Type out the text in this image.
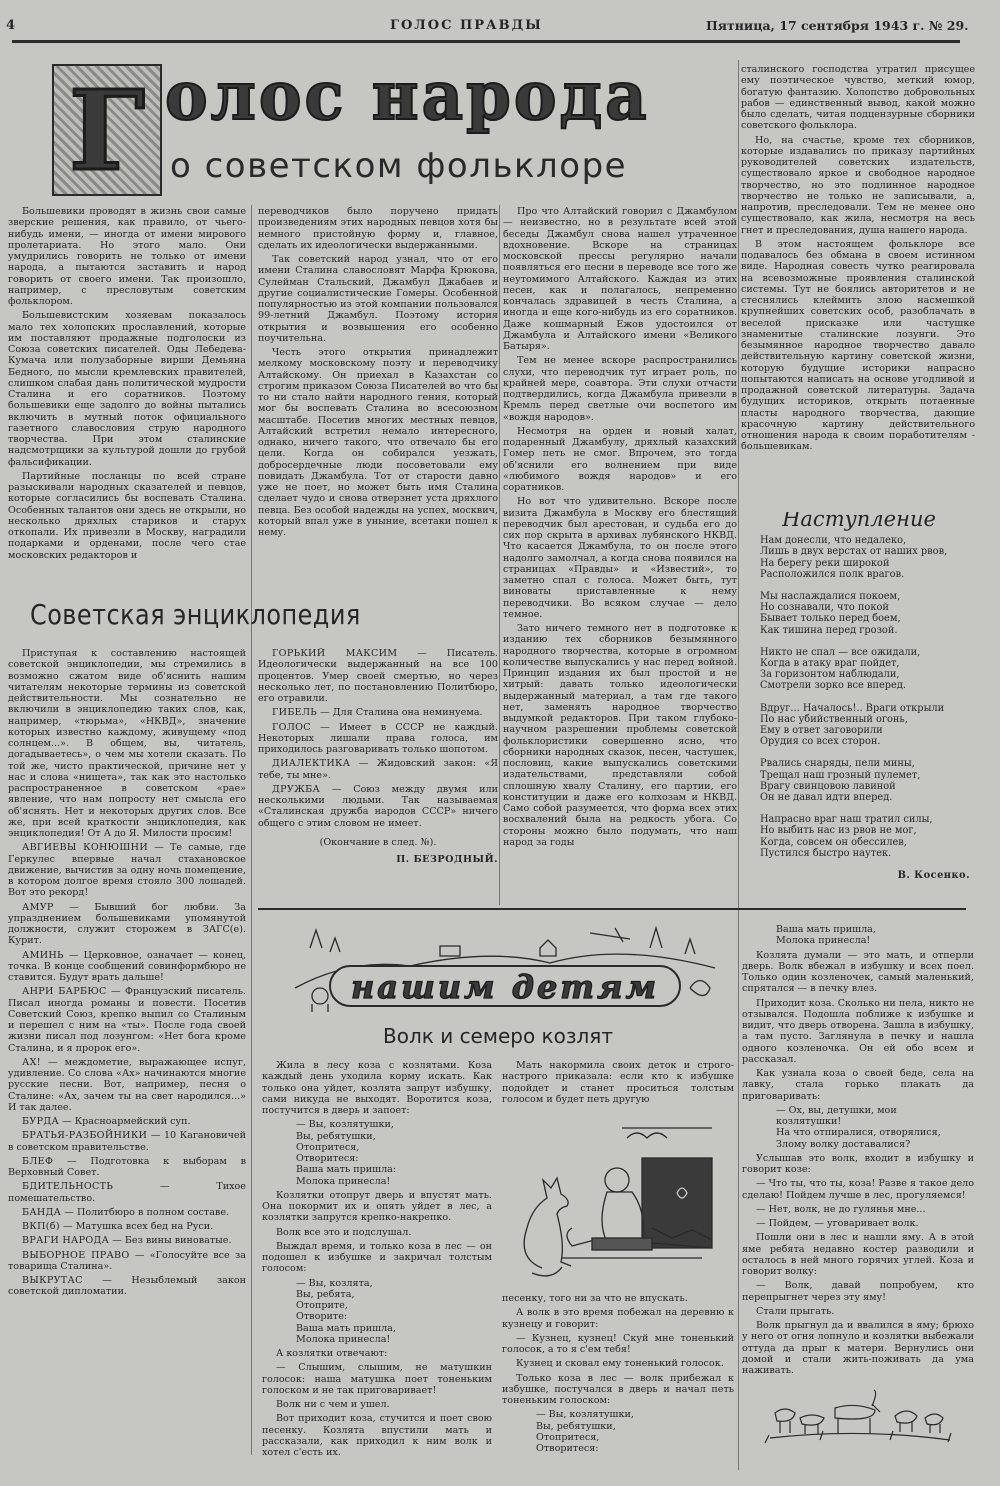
4	ГОЛОС ПРАВДЫ	Пятница, 17 сентября 1943 г. № 29.
Г олос народа
о советском фольклоре

Большевики проводят в жизнь свои самые зверские решения, как правило, от чьего-нибудь имени, — иногда от имени мирового пролетариата. Но этого мало. Они умудрились говорить не только от имени народа, а пытаются заставить и народ говорить от своего имени. Так произошло, например, с пресловутым советским фольклором.

Большевистским хозяевам показалось мало тех холопских прославлений, которые им поставляют продажные подголоски из Союза советских писателей. Оды Лебедева-Кумача или полузаборные вирши Демьяна Бедного, по мысли кремлевских правителей, слишком слабая дань политической мудрости Сталина и его соратников. Поэтому большевики еще задолго до войны пытались включить в мутный поток официального газетного славословия струю народного творчества. При этом сталинские надсмотрщики за культурой дошли до грубой фальсификации.

Партийные посланцы по всей стране разыскивали народных сказателей и певцов, которые согласились бы воспевать Сталина. Особенных талантов они здесь не открыли, но несколько дряхлых стариков и старух откопали. Их привезли в Москву, наградили подарками и орденами, после чего стае московских редакторов и

переводчиков было поручено придать произведениям этих народных певцов хотя бы немного пристойную форму и, главное, сделать их идеологически выдержанными.

Так советский народ узнал, что от его имени Сталина славословят Марфа Крюкова, Сулейман Стальский, Джамбул Джабаев и другие социалистические Гомеры. Особенной популярностью из этой компании пользовался 99-летний Джамбул. Поэтому история открытия и возвышения его особенно поучительна.

Честь этого открытия принадлежит мелкому московскому поэту и переводчику Алтайскому. Он приехал в Казахстан со строгим приказом Союза Писателей во что бы то ни стало найти народного гения, который мог бы воспевать Сталина во всесоюзном масштабе. Посетив многих местных певцов, Алтайский встретил немало интересного, однако, ничего такого, что отвечало бы его цели. Когда он собирался уезжать, добросердечные люди посоветовали ему повидать Джамбула. Тот от старости давно уже не поет, но может быть имя Сталина сделает чудо и снова отверзнет уста дряхлого певца. Без особой надежды на успех, москвич, который впал уже в уныние, всетаки пошел к нему.

Про что Алтайский говорил с Джамбулом — неизвестно, но в результате всей этой беседы Джамбул снова нашел утраченное вдохновение. Вскоре на страницах московской прессы регулярно начали появляться его песни в переводе все того же неутомимого Алтайского. Каждая из этих песен, как и полагалось, непременно кончалась здравицей в честь Сталина, а иногда и еще кого-нибудь из его соратников. Даже кошмарный Ежов удостоился от Джамбула и Алтайского имени «Великого Батыря».

Тем не менее вскоре распространились слухи, что переводчик тут играет роль, по крайней мере, соавтора. Эти слухи отчасти подтвердились, когда Джамбула привезли в Кремль перед светлые очи воспетого им «вождя народов».

Несмотря на орден и новый халат, подаренный Джамбулу, дряхлый казахский Гомер петь не смог. Впрочем, это тогда об'яснили его волнением при виде «любимого вождя народов» и его соратников.

Но вот что удивительно. Вскоре после визита Джамбула в Москву его блестящий переводчик был арестован, и судьба его до сих пор скрыта в архивах лубянского НКВД. Что касается Джамбула, то он после этого надолго замолчал, а когда снова появился на страницах «Правды» и «Известий», то заметно спал с голоса. Может быть, тут виноваты приставленные к нему переводчики. Во всяком случае — дело темное.

Зато ничего темного нет в подготовке к изданию тех сборников безымянного народного творчества, которые в огромном количестве выпускались у нас перед войной. Принцип издания их был простой и не хитрый: давать только идеологически выдержанный материал, а там где такого нет, заменять народное творчество выдумкой редакторов. При таком глубоко-научном разрешении проблемы советской фольклористики совершенно ясно, что сборники народных сказок, песен, частушек, пословиц, какие выпускались советскими издательствами, представляли собой сплошную хвалу Сталину, его партии, его конституции и даже его колхозам и НКВД. Само собой разумеется, что форма всех этих восхвалений была на редкость убога. Со стороны можно было подумать, что наш народ за годы

сталинского господства утратил присущее ему поэтическое чувство, меткий юмор, богатую фантазию. Холопство добровольных рабов — единственный вывод, какой можно было сделать, читая подцензурные сборники советского фольклора.

Но, на счастье, кроме тех сборников, которые издавались по приказу партийных руководителей советских издательств, существовало яркое и свободное народное творчество, но это подлинное народное творчество не только не записывали, а, напротив, преследовали. Тем не менее оно существовало, как жила, несмотря на весь гнет и преследования, душа нашего народа.

В этом настоящем фольклоре все подавалось без обмана в своем истинном виде. Народная совесть чутко реагировала на всевозможные проявления сталинской системы. Тут не боялись авторитетов и не стеснялись клеймить злою насмешкой крупнейших советских особ, разоблачать в веселой присказке или частушке знаменитые сталинские лозунги. Это безымянное народное творчество давало действительную картину советской жизни, которую будущие историки напрасно попытаются написать на основе угодливой и продажной советской литературы. Задача будущих историков, открыть потаенные пласты народного творчества, дающие красочную картину действительного отношения народа к своим поработителям - большевикам.

Наступление
Нам донесли, что недалеко,
Лишь в двух верстах от наших рвов,
На берегу реки широкой
Расположился полк врагов.
Мы наслаждалися покоем,
Но сознавали, что покой
Бывает только перед боем,
Как тишина перед грозой.
Никто не спал — все ожидали,
Когда в атаку враг пойдет,
За горизонтом наблюдали,
Смотрели зорко все вперед.
Вдруг... Началось!.. Враги открыли
По нас убийственный огонь,
Ему в ответ заговорили
Орудия со всех сторон.
Рвались снаряды, пели мины,
Трещал наш грозный пулемет,
Врагу свинцовою лавиной
Он не давал идти вперед.
Напрасно враг наш тратил силы,
Но выбить нас из рвов не мог,
Когда, совсем он обессилев,
Пустился быстро наутек.
В. Косенко.
Советская энциклопедия

Приступая к составлению настоящей советской энциклопедии, мы стремились в возможно сжатом виде об'яснить нашим читателям некоторые термины из советской действительности. Мы сознательно не включили в энциклопедию таких слов, как, например, «тюрьма», «НКВД», значение которых известно каждому, живущему «под солнцем...». В общем, вы, читатель, догадываетесь», о чем мы хотели сказать. По той же, чисто практической, причине нет у нас и слова «нищета», так как это настолько распространенное в советском «рае» явление, что нам попросту нет смысла его об'яснять. Нет и некоторых других слов. Все же, при всей краткости энциклопедия, как энциклопедия! От А до Я. Милости просим!

АВГИЕВЫ КОНЮШНИ — Те самые, где Геркулес впервые начал стахановское движение, вычистив за одну ночь помещение, в котором долгое время стояло 300 лошадей. Вот это рекорд!

АМУР — Бывший бог любви. За упразднением большевиками упомянутой должности, служит сторожем в ЗАГС(е). Курит.

АМИНЬ — Церковное, означает — конец, точка. В конце сообщений совинформбюро не ставится. Будут врать дальше!

АНРИ БАРБЮС — Французский писатель. Писал иногда романы и повести. Посетив Советский Союз, крепко выпил со Сталиным и перешел с ним на «ты». После года своей жизни писал под лозунгом: «Нет бога кроме Сталина, и я пророк его».

АХ! — междометие, выражающее испуг, удивление. Со слова «Ах» начинаются многие русские песни. Вот, например, песня о Сталине: «Ах, зачем ты на свет народился...» И так далее.

БУРДА — Красноармейский суп.

БРАТЬЯ-РАЗБОЙНИКИ — 10 Кагановичей в советском правительстве.

БЛЕФ — Подготовка к выборам в Верховный Совет.

БДИТЕЛЬНОСТЬ — Тихое помешательство.

БАНДА — Политбюро в полном составе.

ВКП(б) — Матушка всех бед на Руси.

ВРАГИ НАРОДА — Без вины виноватые.

ВЫБОРНОЕ ПРАВО — «Голосуйте все за товарища Сталина».

ВЫКРУТАС — Незыблемый закон советской дипломатии.

ГОРЬКИЙ МАКСИМ — Писатель. Идеологически выдержанный на все 100 процентов. Умер своей смертью, но через несколько лет, по постановлению Политбюро, его отравили.

ГИБЕЛЬ — Для Сталина она неминуема.

ГОЛОС — Имеет в СССР не каждый. Некоторых лишали права голоса, им приходилось разговаривать только шопотом.

ДИАЛЕКТИКА — Жидовский закон: «Я тебе, ты мне».

ДРУЖБА — Союз между двумя или несколькими людьми. Так называемая «Сталинская дружба народов СССР» ничего общего с этим словом не имеет.

(Окончание в след. №).
П. БЕЗРОДНЫЙ.
нашим детям
Волк и семеро козлят

Жила в лесу коза с козлятами. Коза каждый день уходила корму искать. Как только она уйдет, козлята запрут избушку, сами никуда не выходят. Воротится коза, постучится в дверь и запоет:

— Вы, козлятушки,
Вы, ребятушки,
Отопритеся,
Отворитеся:
Ваша мать пришла:
Молока принесла!

Козлятки отопрут дверь и впустят мать. Она покормит их и опять уйдет в лес, а козлятки запрутся крепко-накрепко.

Волк все это и подслушал.

Выждал время, и только коза в лес — он подошел к избушке и закричал толстым голосом:

— Вы, козлята,
Вы, ребята,
Отоприте,
Отворите:
Ваша мать пришла,
Молока принесла!

А козлятки отвечают:

— Слышим, слышим, не матушкин голосок: наша матушка поет тоненьким голоском и не так приговаривает!

Волк ни с чем и ушел.

Вот приходит коза, стучится и поет свою песенку. Козлята впустили мать и рассказали, как приходил к ним волк и хотел с'есть их.

Мать накормила своих деток и строго-настрого приказала: если кто к избушке подойдет и станет проситься толстым голосом и будет петь другую

песенку, того ни за что не впускать.

А волк в это время побежал на деревню к кузнецу и говорит:

— Кузнец, кузнец! Скуй мне тоненький голосок, а то я с'ем тебя!

Кузнец и сковал ему тоненький голосок.

Только коза в лес — волк прибежал к избушке, постучался в дверь и начал петь тоненьким голоском:

— Вы, козлятушки,
Вы, ребятушки,
Отопритеся,
Отворитеся:
Ваша мать пришла,
Молока принесла!

Козлята думали — это мать, и отперли дверь. Волк вбежал в избушку и всех поел. Только один козленочек, самый маленький, спрятался — в печку влез.

Приходит коза. Сколько ни пела, никто не отзывался. Подошла поближе к избушке и видит, что дверь отворена. Зашла в избушку, а там пусто. Заглянула в печку и нашла одного козленочка. Он ей обо всем и рассказал.

Как узнала коза о своей беде, села на лавку, стала горько плакать да приговаривать:

— Ох, вы, детушки, мои
козлятушки!
На что отпиралися, отворялися,
Злому волку доставалися?

Услышав это волк, входит в избушку и говорит козе:

— Что ты, что ты, коза! Разве я такое дело сделаю! Пойдем лучше в лес, прогуляемся!

— Нет, волк, не до гулянья мне...

— Пойдем, — уговаривает волк.

Пошли они в лес и нашли яму. А в этой яме ребята недавно костер разводили и осталось в ней много горячих углей. Коза и говорит волку:

— Волк, давай попробуем, кто перепрыгнет через эту яму!

Стали прыгать.

Волк прыгнул да и ввалился в яму; брюхо у него от огня лопнуло и козлятки выбежали оттуда да прыг к матери. Вернулись они домой и стали жить-поживать да ума наживать.
